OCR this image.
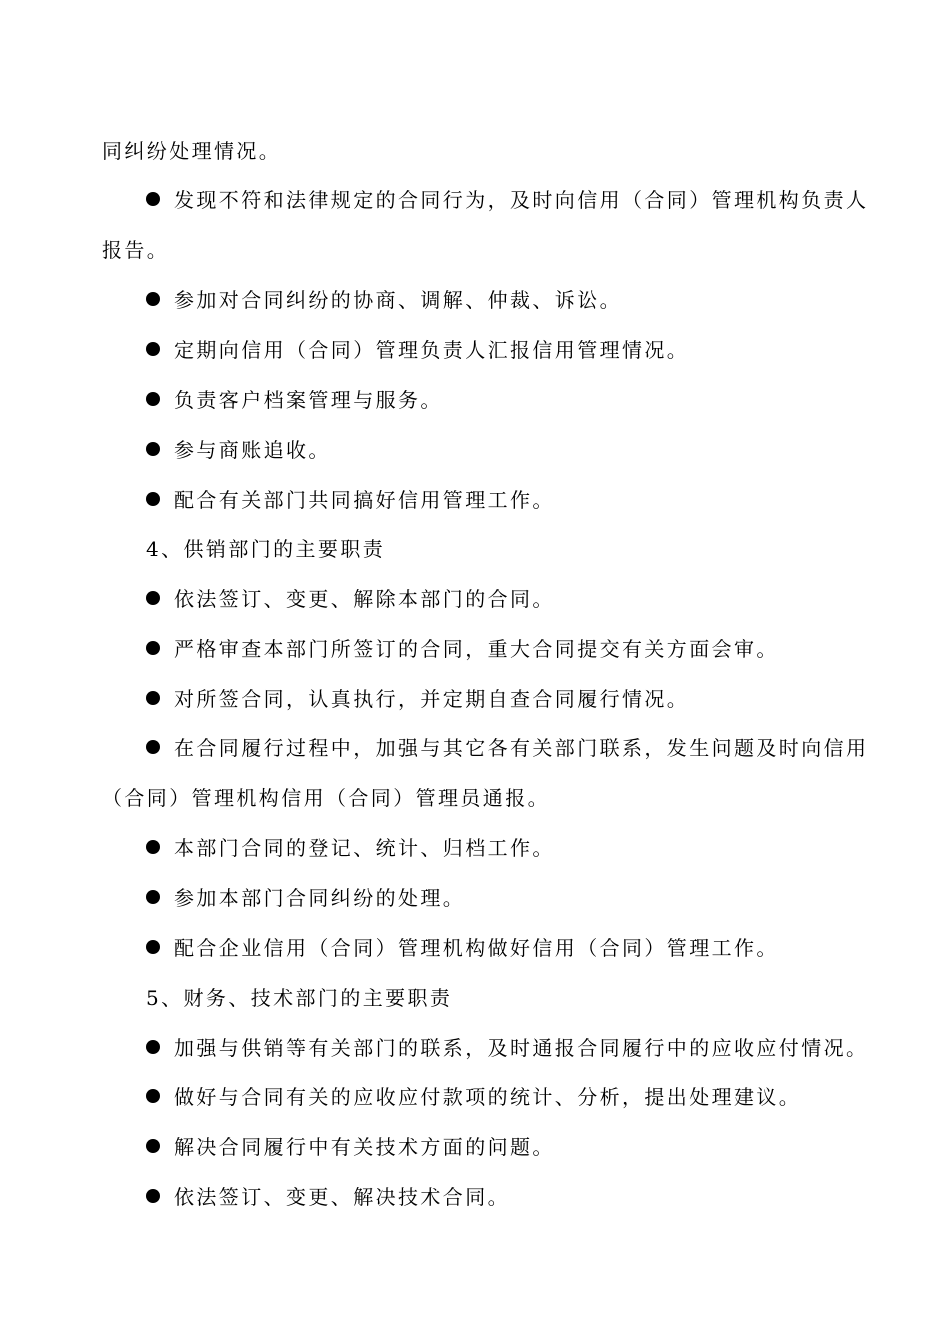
同纠纷处理情况。
发现不符和法律规定的合同行为，及时向信用（合同）管理机构负责人
报告。
参加对合同纠纷的协商、调解、仲裁、诉讼。
定期向信用（合同）管理负责人汇报信用管理情况。
负责客户档案管理与服务。
参与商账追收。
配合有关部门共同搞好信用管理工作。
4、供销部门的主要职责
依法签订、变更、解除本部门的合同。
严格审查本部门所签订的合同，重大合同提交有关方面会审。
对所签合同，认真执行，并定期自查合同履行情况。
在合同履行过程中，加强与其它各有关部门联系，发生问题及时向信用
（合同）管理机构信用（合同）管理员通报。
本部门合同的登记、统计、归档工作。
参加本部门合同纠纷的处理。
配合企业信用（合同）管理机构做好信用（合同）管理工作。
5、财务、技术部门的主要职责
加强与供销等有关部门的联系，及时通报合同履行中的应收应付情况。
做好与合同有关的应收应付款项的统计、分析，提出处理建议。
解决合同履行中有关技术方面的问题。
依法签订、变更、解决技术合同。
